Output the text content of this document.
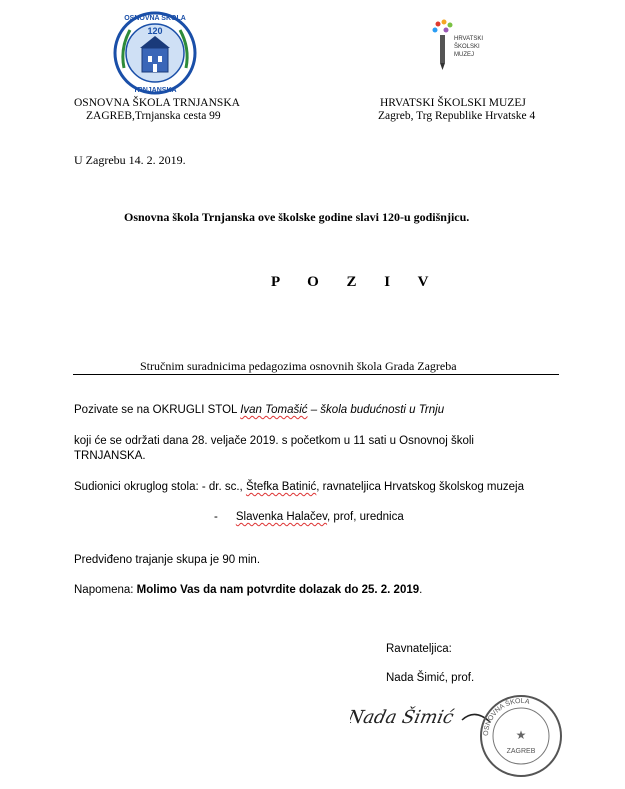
120
OSNOVNA ŠKOLA
TRNJANSKA
HRVATSKI
ŠKOLSKI
MUZEJ
OSNOVNA ŠKOLA TRNJANSKA
ZAGREB,Trnjanska cesta 99
HRVATSKI ŠKOLSKI MUZEJ
Zagreb, Trg Republike Hrvatske 4
U Zagrebu 14. 2. 2019.
Osnovna škola Trnjanska ove školske godine slavi 120-u godišnjicu.
P O Z I V
Stručnim suradnicima pedagozima osnovnih škola Grada Zagreba
Pozivate se na OKRUGLI STOL Ivan Tomašić – škola budućnosti u Trnju
koji će se održati dana 28. veljače 2019. s početkom u 11 sati u Osnovnoj školi
TRNJANSKA.
Sudionici okruglog stola: - dr. sc., Štefka Batinić, ravnateljica Hrvatskog školskog muzeja
- Slavenka Halačev, prof, urednica
Predviđeno trajanje skupa je 90 min.
Napomena: Molimo Vas da nam potvrdite dolazak do 25. 2. 2019.
Ravnateljica:
Nada Šimić, prof.
Nada Šimić
OSNOVNA ŠKOLA
ZAGREB
★
